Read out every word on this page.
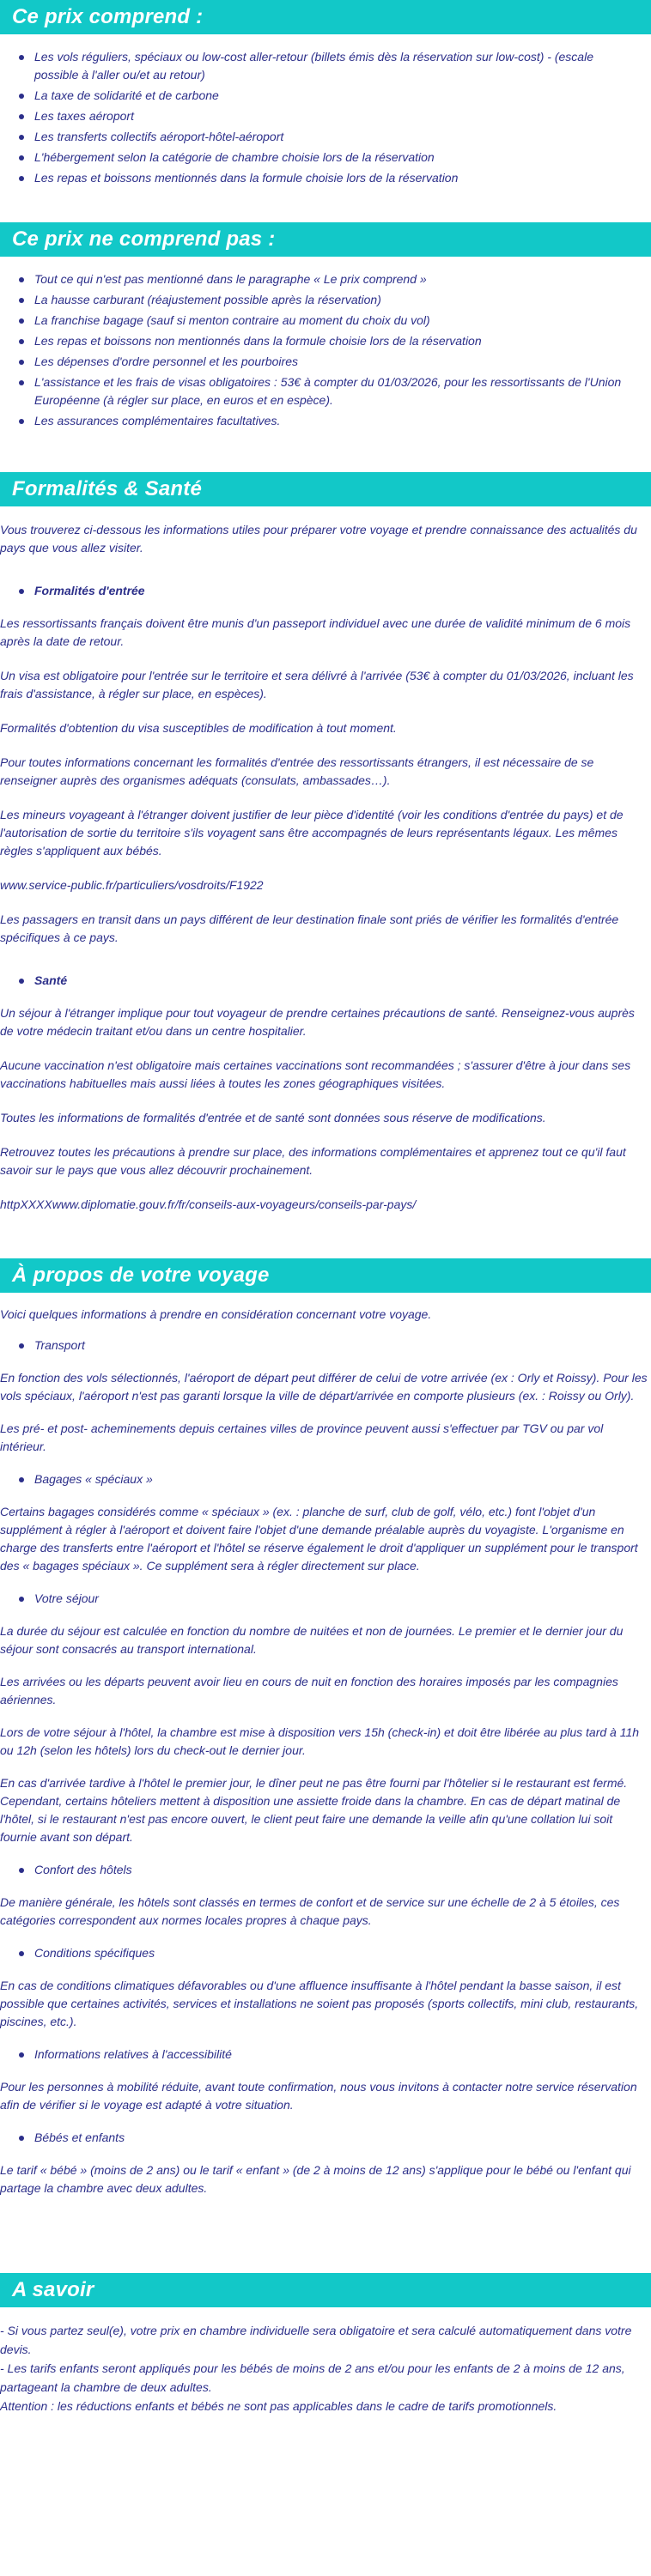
Ce prix comprend :
Les vols réguliers, spéciaux ou low-cost aller-retour (billets émis dès la réservation sur low-cost) - (escale possible à l'aller ou/et au retour)
La taxe de solidarité et de carbone
Les taxes aéroport
Les transferts collectifs aéroport-hôtel-aéroport
L'hébergement selon la catégorie de chambre choisie lors de la réservation
Les repas et boissons mentionnés dans la formule choisie lors de la réservation
Ce prix ne comprend pas :
Tout ce qui n'est pas mentionné dans le paragraphe « Le prix comprend »
La hausse carburant (réajustement possible après la réservation)
La franchise bagage (sauf si menton contraire au moment du choix du vol)
Les repas et boissons non mentionnés dans la formule choisie lors de la réservation
Les dépenses d'ordre personnel et les pourboires
L'assistance et les frais de visas obligatoires : 53€ à compter du 01/03/2026, pour les ressortissants de l'Union Européenne (à régler sur place, en euros et en espèce).
Les assurances complémentaires facultatives.
Formalités & Santé

Vous trouverez ci-dessous les informations utiles pour préparer votre voyage et prendre connaissance des actualités du pays que vous allez visiter.

Formalités d'entrée

Les ressortissants français doivent être munis d'un passeport individuel avec une durée de validité minimum de 6 mois après la date de retour.

Un visa est obligatoire pour l'entrée sur le territoire et sera délivré à l'arrivée (53€ à compter du 01/03/2026, incluant les frais d'assistance, à régler sur place, en espèces).

Formalités d'obtention du visa susceptibles de modification à tout moment.

Pour toutes informations concernant les formalités d'entrée des ressortissants étrangers, il est nécessaire de se renseigner auprès des organismes adéquats (consulats, ambassades…).

Les mineurs voyageant à l'étranger doivent justifier de leur pièce d'identité (voir les conditions d'entrée du pays) et de l'autorisation de sortie du territoire s'ils voyagent sans être accompagnés de leurs représentants légaux. Les mêmes règles s'appliquent aux bébés.

www.service-public.fr/particuliers/vosdroits/F1922

Les passagers en transit dans un pays différent de leur destination finale sont priés de vérifier les formalités d'entrée spécifiques à ce pays.

Santé

Un séjour à l'étranger implique pour tout voyageur de prendre certaines précautions de santé. Renseignez-vous auprès de votre médecin traitant et/ou dans un centre hospitalier.

Aucune vaccination n'est obligatoire mais certaines vaccinations sont recommandées ; s'assurer d'être à jour dans ses vaccinations habituelles mais aussi liées à toutes les zones géographiques visitées.

Toutes les informations de formalités d'entrée et de santé sont données sous réserve de modifications.

Retrouvez toutes les précautions à prendre sur place, des informations complémentaires et apprenez tout ce qu'il faut savoir sur le pays que vous allez découvrir prochainement.

httpXXXXwww.diplomatie.gouv.fr/fr/conseils-aux-voyageurs/conseils-par-pays/

À propos de votre voyage

Voici quelques informations à prendre en considération concernant votre voyage.

Transport

En fonction des vols sélectionnés, l'aéroport de départ peut différer de celui de votre arrivée (ex : Orly et Roissy). Pour les vols spéciaux, l'aéroport n'est pas garanti lorsque la ville de départ/arrivée en comporte plusieurs (ex. : Roissy ou Orly).

Les pré- et post- acheminements depuis certaines villes de province peuvent aussi s'effectuer par TGV ou par vol intérieur.

Bagages « spéciaux »

Certains bagages considérés comme « spéciaux » (ex. : planche de surf, club de golf, vélo, etc.) font l'objet d'un supplément à régler à l'aéroport et doivent faire l'objet d'une demande préalable auprès du voyagiste. L'organisme en charge des transferts entre l'aéroport et l'hôtel se réserve également le droit d'appliquer un supplément pour le transport des « bagages spéciaux ». Ce supplément sera à régler directement sur place.

Votre séjour

La durée du séjour est calculée en fonction du nombre de nuitées et non de journées. Le premier et le dernier jour du séjour sont consacrés au transport international.

Les arrivées ou les départs peuvent avoir lieu en cours de nuit en fonction des horaires imposés par les compagnies aériennes.

Lors de votre séjour à l'hôtel, la chambre est mise à disposition vers 15h (check-in) et doit être libérée au plus tard à 11h ou 12h (selon les hôtels) lors du check-out le dernier jour.

En cas d'arrivée tardive à l'hôtel le premier jour, le dîner peut ne pas être fourni par l'hôtelier si le restaurant est fermé. Cependant, certains hôteliers mettent à disposition une assiette froide dans la chambre. En cas de départ matinal de l'hôtel, si le restaurant n'est pas encore ouvert, le client peut faire une demande la veille afin qu'une collation lui soit fournie avant son départ.

Confort des hôtels

De manière générale, les hôtels sont classés en termes de confort et de service sur une échelle de 2 à 5 étoiles, ces catégories correspondent aux normes locales propres à chaque pays.

Conditions spécifiques

En cas de conditions climatiques défavorables ou d'une affluence insuffisante à l'hôtel pendant la basse saison, il est possible que certaines activités, services et installations ne soient pas proposés (sports collectifs, mini club, restaurants, piscines, etc.).

Informations relatives à l'accessibilité

Pour les personnes à mobilité réduite, avant toute confirmation, nous vous invitons à contacter notre service réservation afin de vérifier si le voyage est adapté à votre situation.

Bébés et enfants

Le tarif « bébé » (moins de 2 ans) ou le tarif « enfant » (de 2 à moins de 12 ans) s'applique pour le bébé ou l'enfant qui partage la chambre avec deux adultes.

A savoir

- Si vous partez seul(e), votre prix en chambre individuelle sera obligatoire et sera calculé automatiquement dans votre devis.

- Les tarifs enfants seront appliqués pour les bébés de moins de 2 ans et/ou pour les enfants de 2 à moins de 12 ans, partageant la chambre de deux adultes.

Attention : les réductions enfants et bébés ne sont pas applicables dans le cadre de tarifs promotionnels.
